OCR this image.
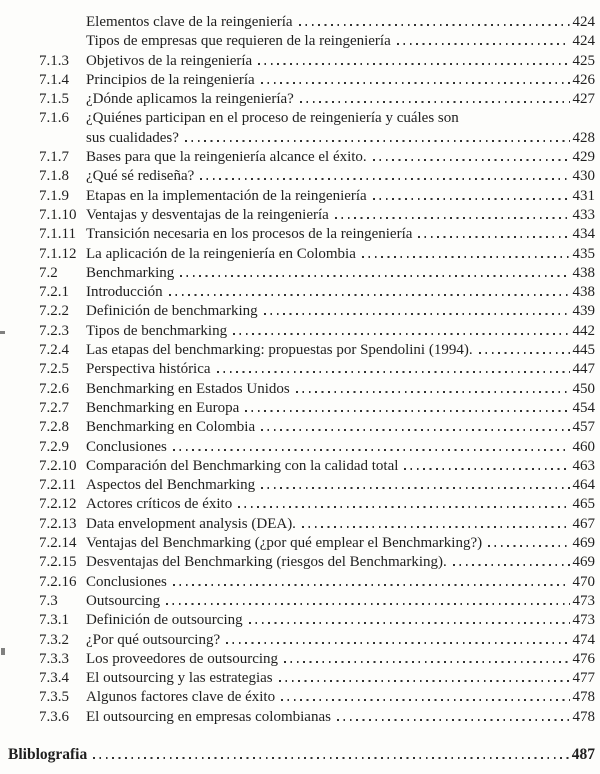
Elementos clave de la reingeniería	424
Tipos de empresas que requieren de la reingeniería	424
7.1.3	Objetivos de la reingeniería	425
7.1.4	Principios de la reingeniería	426
7.1.5	¿Dónde aplicamos la reingeniería?	427
7.1.6	¿Quiénes participan en el proceso de reingeniería y cuáles son
sus cualidades?	428
7.1.7	Bases para que la reingeniería alcance el éxito.	429
7.1.8	¿Qué sé rediseña?	430
7.1.9	Etapas en la implementación de la reingeniería	431
7.1.10 Ventajas y desventajas de la reingeniería	433
7.1.11 Transición necesaria en los procesos de la reingeniería	434
7.1.12 La aplicación de la reingeniería en Colombia	435
7.2	Benchmarking	438
7.2.1	Introducción	438
7.2.2	Definición de benchmarking	439
7.2.3	Tipos de benchmarking	442
7.2.4	Las etapas del benchmarking: propuestas por Spendolini (1994).	445
7.2.5	Perspectiva histórica	447
7.2.6	Benchmarking en Estados Unidos	450
7.2.7	Benchmarking en Europa	454
7.2.8	Benchmarking en Colombia	457
7.2.9	Conclusiones	460
7.2.10 Comparación del Benchmarking con la calidad total	463
7.2.11 Aspectos del Benchmarking	464
7.2.12 Actores críticos de éxito	465
7.2.13 Data envelopment analysis (DEA).	467
7.2.14 Ventajas del Benchmarking (¿por qué emplear el Benchmarking?)	469
7.2.15 Desventajas del Benchmarking (riesgos del Benchmarking).	469
7.2.16 Conclusiones	470
7.3	Outsourcing	473
7.3.1	Definición de outsourcing	473
7.3.2	¿Por qué outsourcing?	474
7.3.3	Los proveedores de outsourcing	476
7.3.4	El outsourcing y las estrategias	477
7.3.5	Algunos factores clave de éxito	478
7.3.6	El outsourcing en empresas colombianas	478
Bliblografia	487
